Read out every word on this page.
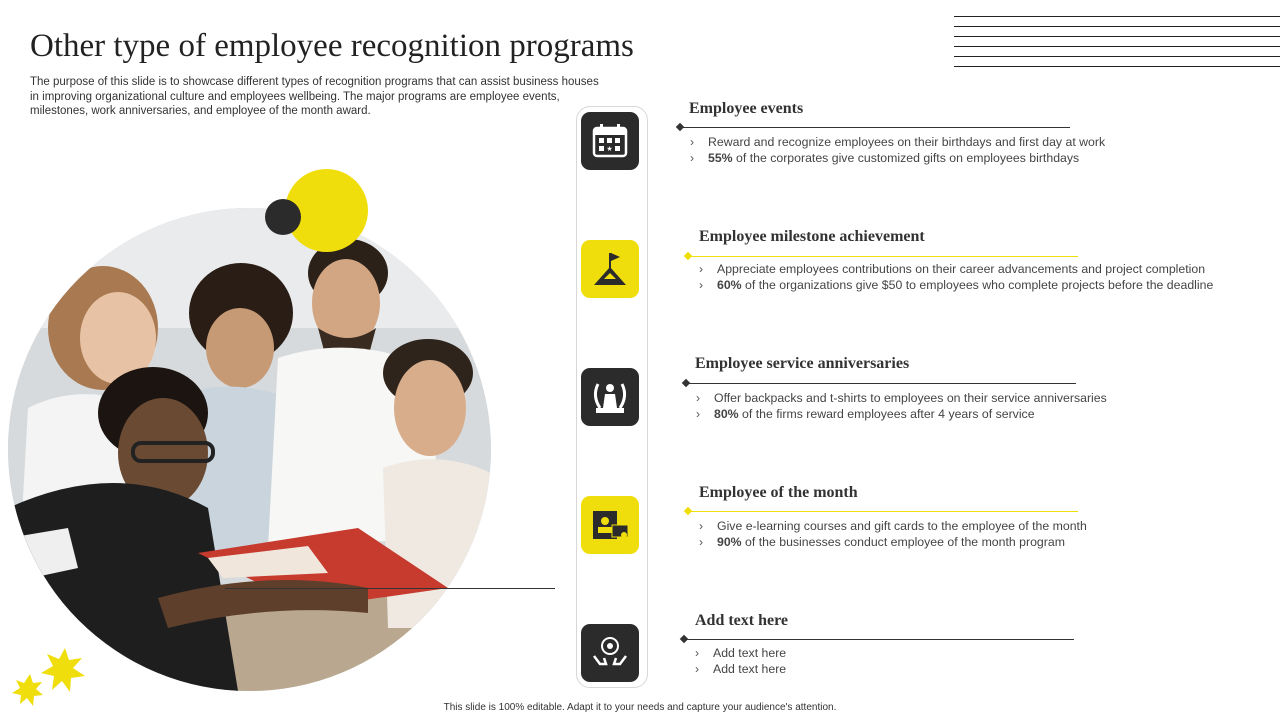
Other type of employee recognition programs
The purpose of this slide is to showcase different types of recognition programs that can assist business houses in improving organizational culture and employees wellbeing. The major programs are employee events, milestones, work anniversaries, and employee of the month award.
★
Employee events
› Reward and recognize employees on their birthdays and first day at work
› 55% of the corporates give customized gifts on employees birthdays
Employee milestone achievement
› Appreciate employees contributions on their career advancements and project completion
› 60% of the organizations give $50 to employees who complete projects before the deadline
Employee service anniversaries
› Offer backpacks and t-shirts to employees on their service anniversaries
› 80% of the firms reward employees after 4 years of service
Employee of the month
› Give e-learning courses and gift cards to the employee of the month
› 90% of the businesses conduct employee of the month program
Add text here
› Add text here
› Add text here
This slide is 100% editable. Adapt it to your needs and capture your audience's attention.
